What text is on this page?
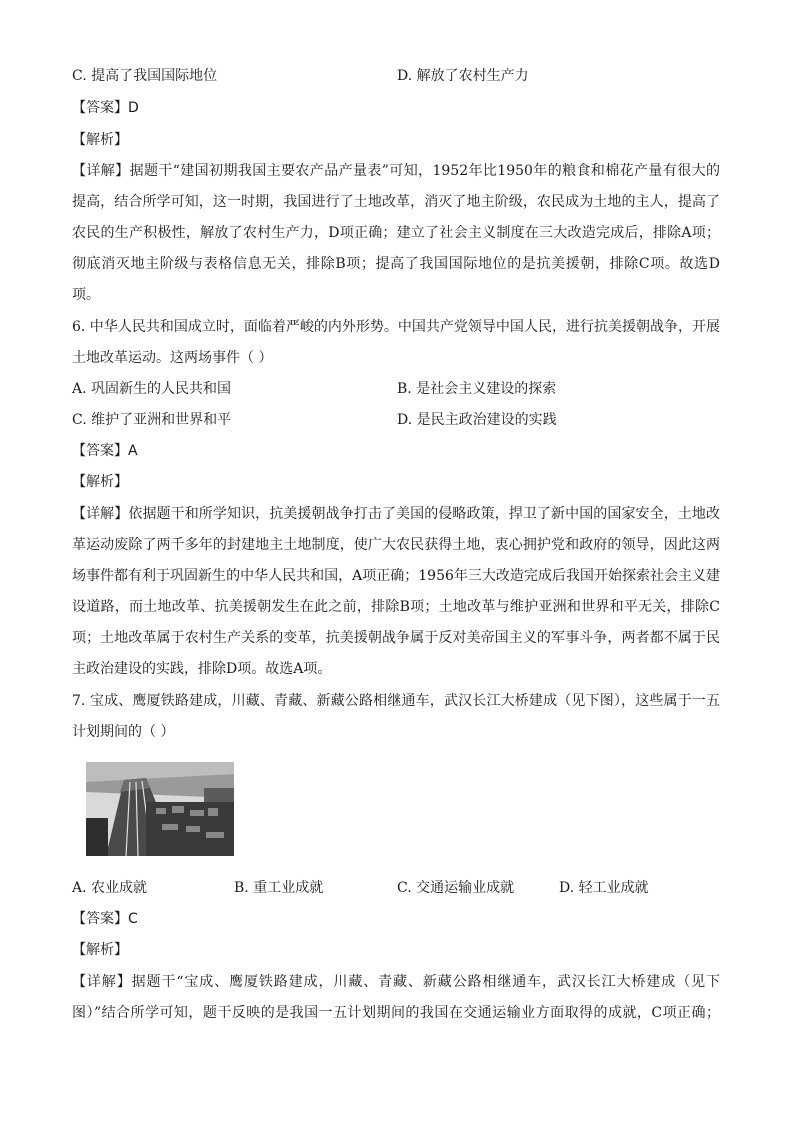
C. 提高了我国国际地位	D. 解放了农村生产力
【答案】D
【解析】
【详解】据题干“建国初期我国主要农产品产量表”可知，1952年比1950年的粮食和棉花产量有很大的
提高，结合所学可知，这一时期，我国进行了土地改革，消灭了地主阶级，农民成为土地的主人，提高了
农民的生产积极性，解放了农村生产力，D项正确；建立了社会主义制度在三大改造完成后，排除A项；
彻底消灭地主阶级与表格信息无关，排除B项；提高了我国国际地位的是抗美援朝，排除C项。故选D
项。
6. 中华人民共和国成立时，面临着严峻的内外形势。中国共产党领导中国人民，进行抗美援朝战争，开展
土地改革运动。这两场事件（ ）
A. 巩固新生的人民共和国	B. 是社会主义建设的探索
C. 维护了亚洲和世界和平	D. 是民主政治建设的实践
【答案】A
【解析】
【详解】依据题干和所学知识，抗美援朝战争打击了美国的侵略政策，捍卫了新中国的国家安全，土地改
革运动废除了两千多年的封建地主土地制度，使广大农民获得土地，衷心拥护党和政府的领导，因此这两
场事件都有利于巩固新生的中华人民共和国，A项正确；1956年三大改造完成后我国开始探索社会主义建
设道路，而土地改革、抗美援朝发生在此之前，排除B项；土地改革与维护亚洲和世界和平无关，排除C
项；土地改革属于农村生产关系的变革，抗美援朝战争属于反对美帝国主义的军事斗争，两者都不属于民
主政治建设的实践，排除D项。故选A项。
7. 宝成、鹰厦铁路建成，川藏、青藏、新藏公路相继通车，武汉长江大桥建成（见下图），这些属于一五
计划期间的（ ）
A. 农业成就	B. 重工业成就	C. 交通运输业成就	D. 轻工业成就
【答案】C
【解析】
【详解】据题干“宝成、鹰厦铁路建成，川藏、青藏、新藏公路相继通车，武汉长江大桥建成（见下
图）”结合所学可知，题干反映的是我国一五计划期间的我国在交通运输业方面取得的成就，C项正确；
